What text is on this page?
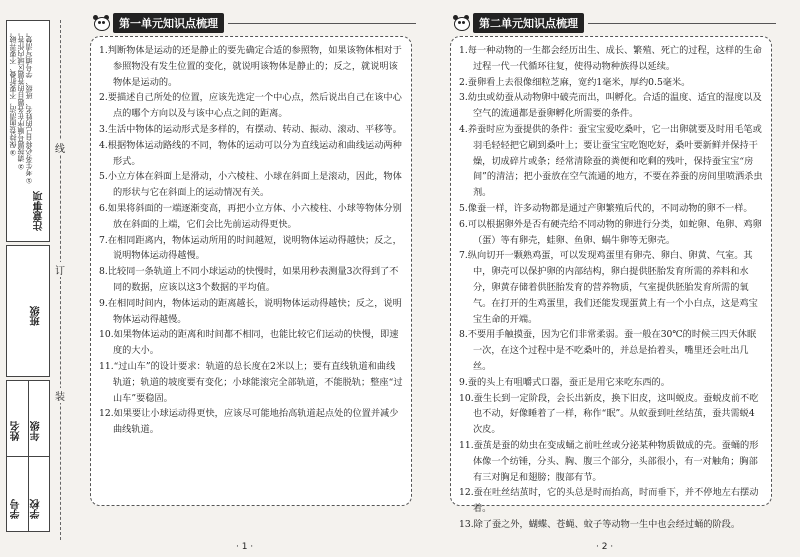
学校
学号
年级
姓名
班级
注意事项
①考生务必将自己的姓名、班级、学号填写清楚。
②请按题号顺序在各题目的答题区域内作答。
③保持卷面清洁，不要折叠、不要弄破。	线
订
装
第一单元知识点梳理

1.判断物体是运动的还是静止的要先确定合适的参照物，如果该物体相对于参照物没有发生位置的变化，就说明该物体是静止的；反之，就说明该物体是运动的。

2.要描述自己所处的位置，应该先选定一个中心点，然后说出自己在该中心点的哪个方向以及与该中心点之间的距离。

3.生活中物体的运动形式是多样的，有摆动、转动、振动、滚动、平移等。

4.根据物体运动路线的不同，物体的运动可以分为直线运动和曲线运动两种形式。

5.小立方体在斜面上是滑动，小六棱柱、小球在斜面上是滚动，因此，物体的形状与它在斜面上的运动情况有关。

6.如果将斜面的一端逐渐变高，再把小立方体、小六棱柱、小球等物体分别放在斜面的上端，它们会比先前运动得更快。

7.在相同距离内，物体运动所用的时间越短，说明物体运动得越快；反之，说明物体运动得越慢。

8.比较同一条轨道上不同小球运动的快慢时，如果用秒表测量3次得到了不同的数据，应该以这3个数据的平均值。

9.在相同时间内，物体运动的距离越长，说明物体运动得越快；反之，说明物体运动得越慢。

10.如果物体运动的距离和时间都不相同，也能比较它们运动的快慢，即速度的大小。

11.“过山车”的设计要求：轨道的总长度在2米以上；要有直线轨道和曲线轨道；轨道的坡度要有变化；小球能滚完全部轨道，不能脱轨；整座“过山车”要稳固。

12.如果要让小球运动得更快，应该尽可能地抬高轨道起点处的位置并减少曲线轨道。

· 1 ·
第二单元知识点梳理

1.每一种动物的一生都会经历出生、成长、繁殖、死亡的过程，这样的生命过程一代一代循环往复，使得动物种族得以延续。

2.蚕卵看上去很像细粒芝麻，宽约1毫米，厚约0.5毫米。

3.幼虫或幼蚕从动物卵中破壳而出，叫孵化。合适的温度、适宜的湿度以及空气的流通都是蚕卵孵化所需要的条件。

4.养蚕时应为蚕提供的条件：蚕宝宝爱吃桑叶，它一出卵就要及时用毛笔或羽毛轻轻把它刷到桑叶上；要让蚕宝宝吃饱吃好，桑叶要新鲜并保持干燥，切成碎片或条；经常清除蚕的粪便和吃剩的残叶，保持蚕宝宝“房间”的清洁；把小蚕放在空气流通的地方，不要在养蚕的房间里喷洒杀虫剂。

5.像蚕一样，许多动物都是通过产卵繁殖后代的，不同动物的卵不一样。

6.可以根据卵外是否有硬壳给不同动物的卵进行分类，如蛇卵、龟卵、鸡卵（蛋）等有卵壳，蛙卵、鱼卵、蜗牛卵等无卵壳。

7.纵向切开一颗熟鸡蛋，可以发现鸡蛋里有卵壳、卵白、卵黄、气室。其中，卵壳可以保护卵的内部结构，卵白提供胚胎发育所需的养料和水分，卵黄存储着供胚胎发育的营养物质，气室提供胚胎发育所需的氧气。在打开的生鸡蛋里，我们还能发现蛋黄上有一个小白点，这是鸡宝宝生命的开端。

8.不要用手触摸蚕，因为它们非常柔弱。蚕一般在30℃的时候三四天休眠一次，在这个过程中是不吃桑叶的，并总是抬着头，嘴里还会吐出几丝。

9.蚕的头上有咀嚼式口器，蚕正是用它来吃东西的。

10.蚕生长到一定阶段，会长出新皮，换下旧皮，这叫蜕皮。蚕蜕皮前不吃也不动，好像睡着了一样，称作“眠”。从蚁蚕到吐丝结茧，蚕共需蜕4次皮。

11.蚕茧是蚕的幼虫在变成蛹之前吐丝或分泌某种物质做成的壳。蚕蛹的形体像一个纺锤，分头、胸、腹三个部分，头部很小，有一对触角；胸部有三对胸足和翅膀；腹部有节。

12.蚕在吐丝结茧时，它的头总是时而抬高，时而垂下，并不停地左右摆动着。

13.除了蚕之外，蝴蝶、苍蝇、蚊子等动物一生中也会经过蛹的阶段。

· 2 ·
